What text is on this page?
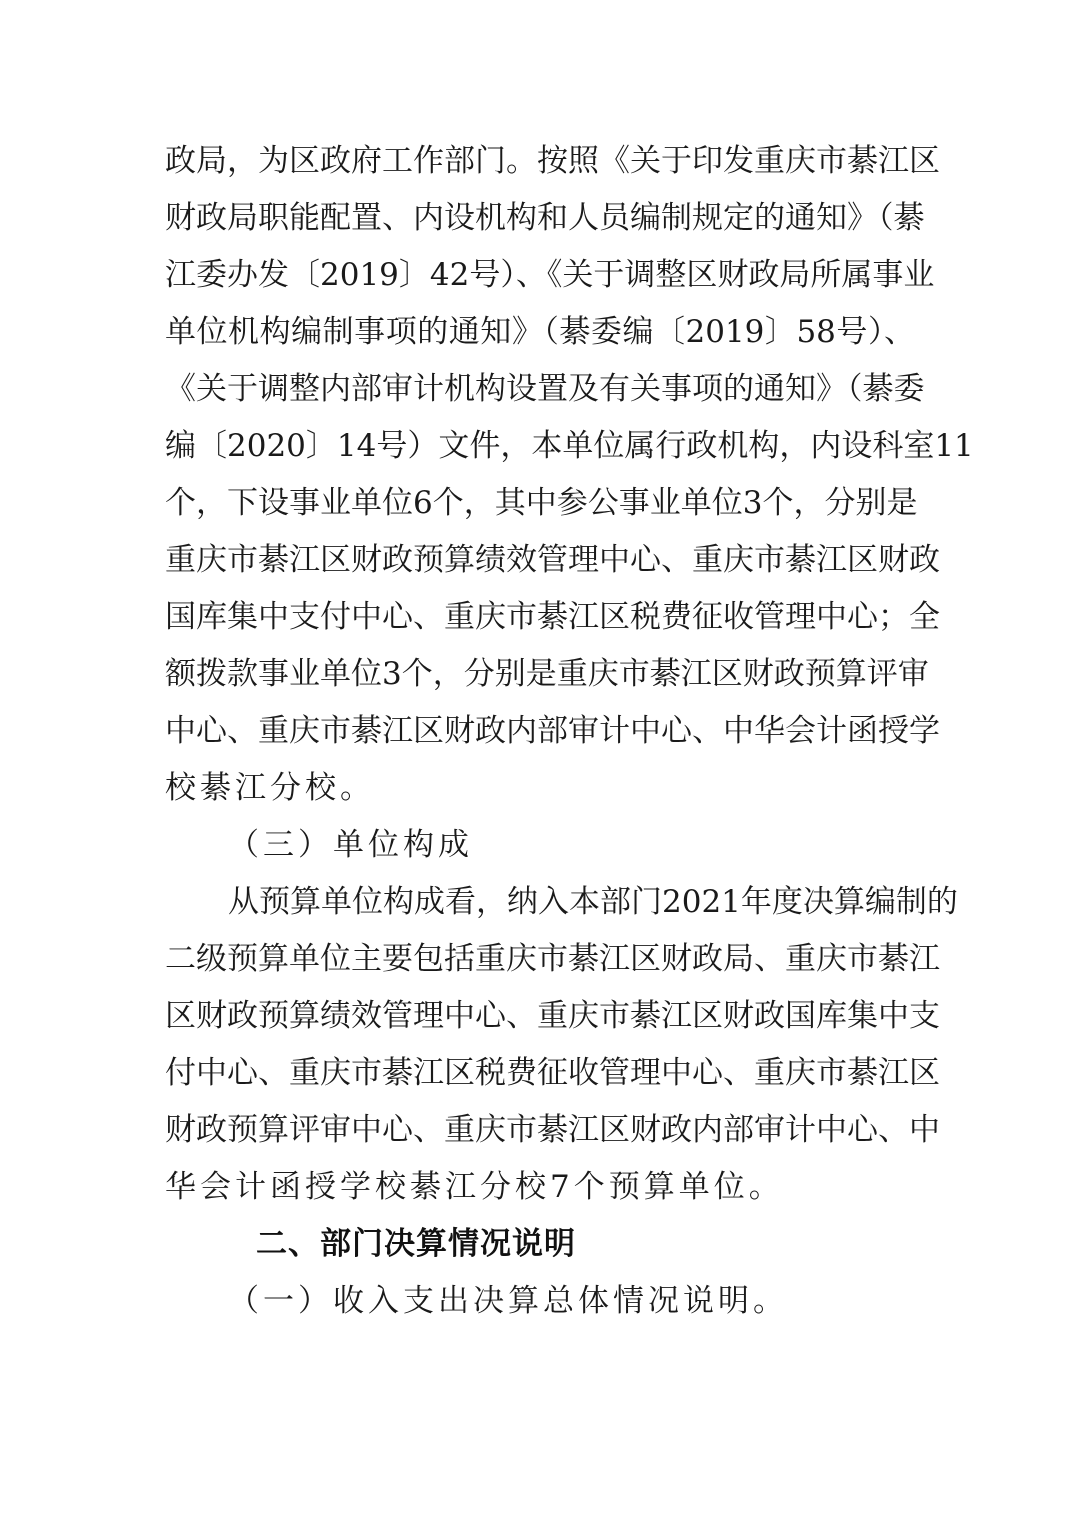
政局，为区政府工作部门。按照《关于印发重庆市綦江区
财政局职能配置、内设机构和人员编制规定的通知》（綦
江委办发〔2019〕42号）、《关于调整区财政局所属事业
单位机构编制事项的通知》（綦委编〔2019〕58号）、
《关于调整内部审计机构设置及有关事项的通知》（綦委
编〔2020〕14号）文件，本单位属行政机构，内设科室11
个，下设事业单位6个，其中参公事业单位3个，分别是
重庆市綦江区财政预算绩效管理中心、重庆市綦江区财政
国库集中支付中心、重庆市綦江区税费征收管理中心；全
额拨款事业单位3个，分别是重庆市綦江区财政预算评审
中心、重庆市綦江区财政内部审计中心、中华会计函授学
校綦江分校。
（三）单位构成
从预算单位构成看，纳入本部门2021年度决算编制的
二级预算单位主要包括重庆市綦江区财政局、重庆市綦江
区财政预算绩效管理中心、重庆市綦江区财政国库集中支
付中心、重庆市綦江区税费征收管理中心、重庆市綦江区
财政预算评审中心、重庆市綦江区财政内部审计中心、中
华会计函授学校綦江分校7个预算单位。
二、部门决算情况说明
（一）收入支出决算总体情况说明。
